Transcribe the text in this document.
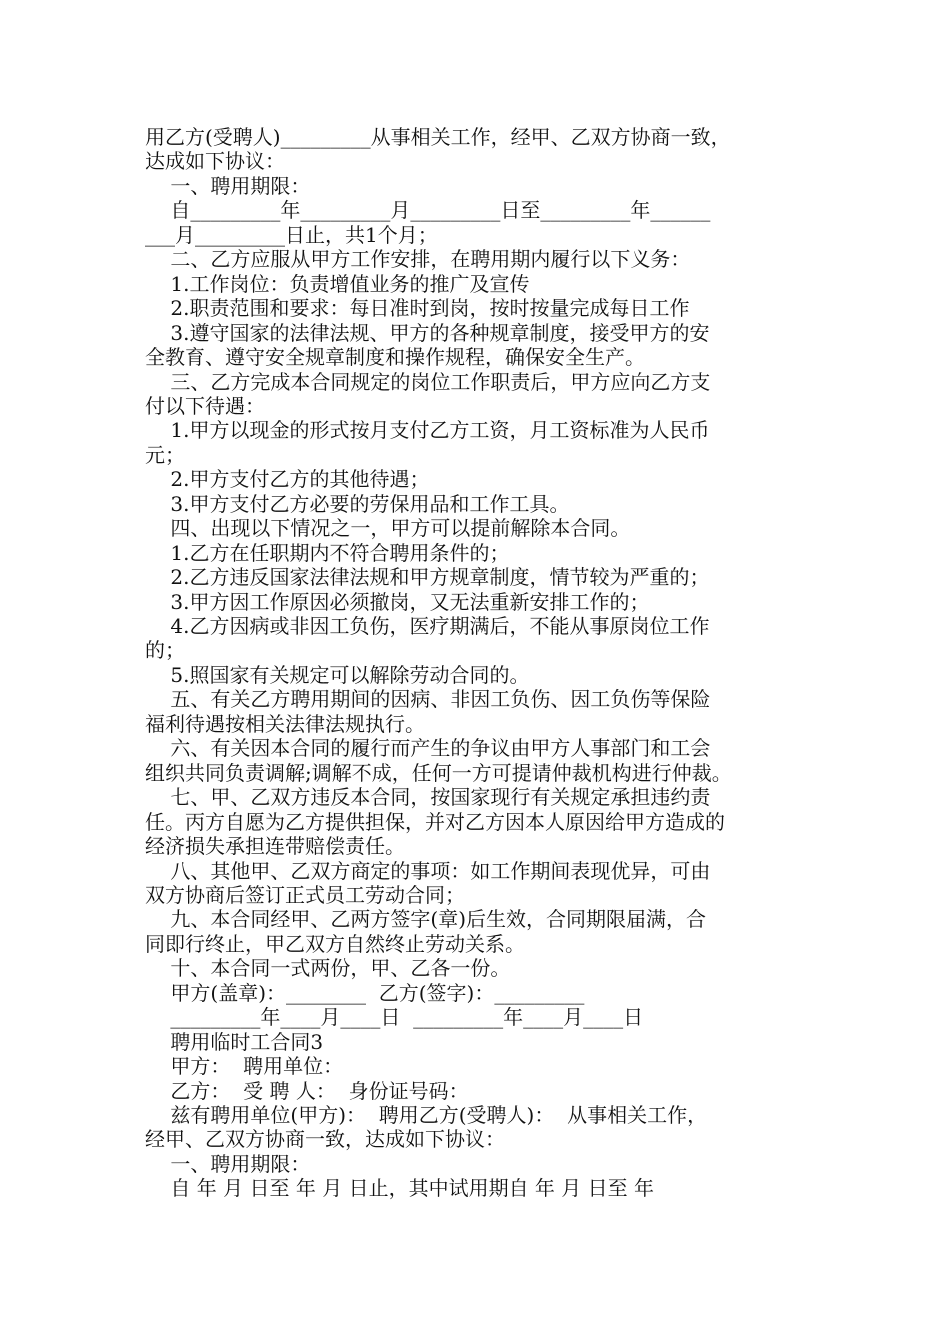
用乙方(受聘人)_________从事相关工作，经甲、乙双方协商一致，
达成如下协议：
一、聘用期限：
自_________年_________月_________日至_________年______
___月_________日止，共1个月；
二、乙方应服从甲方工作安排，在聘用期内履行以下义务：
1.工作岗位：负责增值业务的推广及宣传
2.职责范围和要求：每日准时到岗，按时按量完成每日工作
3.遵守国家的法律法规、甲方的各种规章制度，接受甲方的安
全教育、遵守安全规章制度和操作规程，确保安全生产。
三、乙方完成本合同规定的岗位工作职责后，甲方应向乙方支
付以下待遇：
1.甲方以现金的形式按月支付乙方工资，月工资标准为人民币
元；
2.甲方支付乙方的其他待遇；
3.甲方支付乙方必要的劳保用品和工作工具。
四、出现以下情况之一，甲方可以提前解除本合同。
1.乙方在任职期内不符合聘用条件的；
2.乙方违反国家法律法规和甲方规章制度，情节较为严重的；
3.甲方因工作原因必须撤岗，又无法重新安排工作的；
4.乙方因病或非因工负伤，医疗期满后，不能从事原岗位工作
的；
5.照国家有关规定可以解除劳动合同的。
五、有关乙方聘用期间的因病、非因工负伤、因工负伤等保险
福利待遇按相关法律法规执行。
六、有关因本合同的履行而产生的争议由甲方人事部门和工会
组织共同负责调解;调解不成，任何一方可提请仲裁机构进行仲裁。
七、甲、乙双方违反本合同，按国家现行有关规定承担违约责
任。丙方自愿为乙方提供担保，并对乙方因本人原因给甲方造成的
经济损失承担连带赔偿责任。
八、其他甲、乙双方商定的事项：如工作期间表现优异，可由
双方协商后签订正式员工劳动合同；
九、本合同经甲、乙两方签字(章)后生效，合同期限届满，合
同即行终止，甲乙双方自然终止劳动关系。
十、本合同一式两份，甲、乙各一份。
甲方(盖章)：________  乙方(签字)：_________
_________年____月____日  _________年____月____日
聘用临时工合同3
甲方：  聘用单位：
乙方：  受 聘 人：  身份证号码：
兹有聘用单位(甲方)：  聘用乙方(受聘人)：  从事相关工作，
经甲、乙双方协商一致，达成如下协议：
一、聘用期限：
自 年 月 日至 年 月 日止，其中试用期自 年 月 日至 年
